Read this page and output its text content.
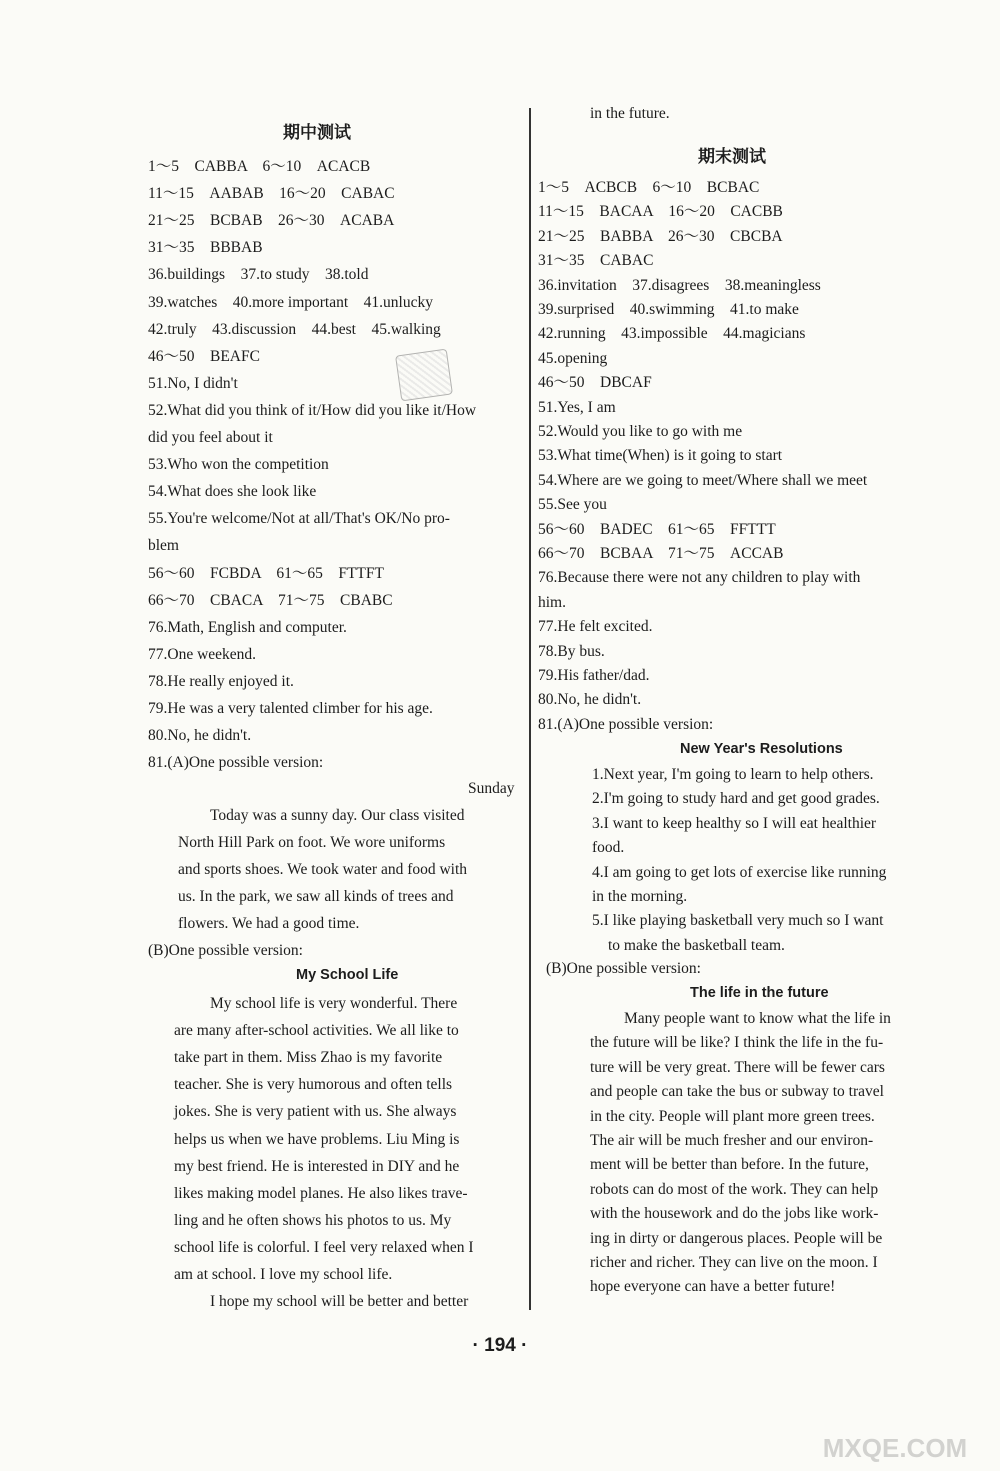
期中测试
1～5　CABBA　6～10　ACACB
11～15　AABAB　16～20　CABAC
21～25　BCBAB　26～30　ACABA
31～35　BBBAB
36.buildings　37.to study　38.told
39.watches　40.more important　41.unlucky
42.truly　43.discussion　44.best　45.walking
46～50　BEAFC
51.No, I didn't
52.What did you think of it/How did you like it/How
did you feel about it
53.Who won the competition
54.What does she look like
55.You're welcome/Not at all/That's OK/No pro-
blem
56～60　FCBDA　61～65　FTTFT
66～70　CBACA　71～75　CBABC
76.Math, English and computer.
77.One weekend.
78.He really enjoyed it.
79.He was a very talented climber for his age.
80.No, he didn't.
81.(A)One possible version:
Sunday
Today was a sunny day. Our class visited
North Hill Park on foot. We wore uniforms
and sports shoes. We took water and food with
us. In the park, we saw all kinds of trees and
flowers. We had a good time.
(B)One possible version:
My School Life
My school life is very wonderful. There
are many after-school activities. We all like to
take part in them. Miss Zhao is my favorite
teacher. She is very humorous and often tells
jokes. She is very patient with us. She always
helps us when we have problems. Liu Ming is
my best friend. He is interested in DIY and he
likes making model planes. He also likes trave-
ling and he often shows his photos to us. My
school life is colorful. I feel very relaxed when I
am at school. I love my school life.
I hope my school will be better and better
in the future.
期末测试
1～5　ACBCB　6～10　BCBAC
11～15　BACAA　16～20　CACBB
21～25　BABBA　26～30　CBCBA
31～35　CABAC
36.invitation　37.disagrees　38.meaningless
39.surprised　40.swimming　41.to make
42.running　43.impossible　44.magicians
45.opening
46～50　DBCAF
51.Yes, I am
52.Would you like to go with me
53.What time(When) is it going to start
54.Where are we going to meet/Where shall we meet
55.See you
56～60　BADEC　61～65　FFTTT
66～70　BCBAA　71～75　ACCAB
76.Because there were not any children to play with
him.
77.He felt excited.
78.By bus.
79.His father/dad.
80.No, he didn't.
81.(A)One possible version:
New Year's Resolutions
1.Next year, I'm going to learn to help others.
2.I'm going to study hard and get good grades.
3.I want to keep healthy so I will eat healthier
food.
4.I am going to get lots of exercise like running
in the morning.
5.I like playing basketball very much so I want
to make the basketball team.
(B)One possible version:
The life in the future
Many people want to know what the life in
the future will be like? I think the life in the fu-
ture will be very great. There will be fewer cars
and people can take the bus or subway to travel
in the city. People will plant more green trees.
The air will be much fresher and our environ-
ment will be better than before. In the future,
robots can do most of the work. They can help
with the housework and do the jobs like work-
ing in dirty or dangerous places. People will be
richer and richer. They can live on the moon. I
hope everyone can have a better future!
· 194 ·
MXQE.COM
